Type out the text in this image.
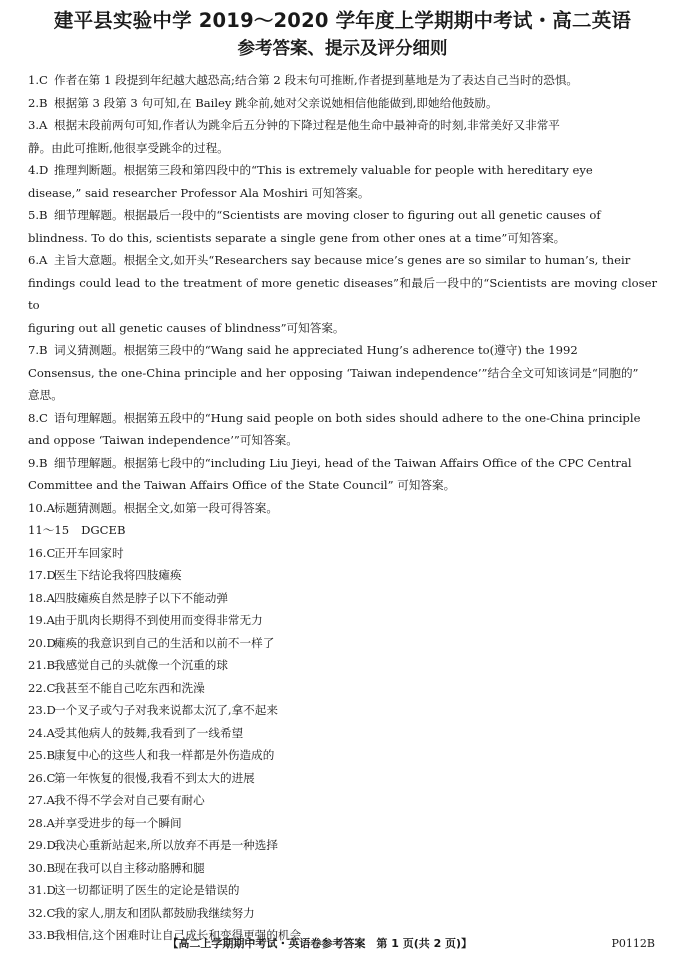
建平县实验中学 2019～2020 学年度上学期期中考试・高二英语
参考答案、提示及评分细则
1.C 作者在第 1 段提到年纪越大越恐高;结合第 2 段末句可推断,作者提到墓地是为了表达自己当时的恐惧。
2.B 根据第 3 段第 3 句可知,在 Bailey 跳伞前,她对父亲说她相信他能做到,即她给他鼓励。
3.A 根据末段前两句可知,作者认为跳伞后五分钟的下降过程是他生命中最神奇的时刻,非常美好又非常平
静。由此可推断,他很享受跳伞的过程。
4.D 推理判断题。根据第三段和第四段中的“This is extremely valuable for people with hereditary eye
disease,” said researcher Professor Ala Moshiri 可知答案。
5.B 细节理解题。根据最后一段中的“Scientists are moving closer to figuring out all genetic causes of
blindness. To do this, scientists separate a single gene from other ones at a time”可知答案。
6.A 主旨大意题。根据全文,如开头“Researchers say because mice’s genes are so similar to human’s, their
findings could lead to the treatment of more genetic diseases”和最后一段中的“Scientists are moving closer to
figuring out all genetic causes of blindness”可知答案。
7.B 词义猜测题。根据第三段中的“Wang said he appreciated Hung’s adherence to(遵守) the 1992
Consensus, the one-China principle and her opposing ‘Taiwan independence’”结合全文可知该词是“同胞的”
意思。
8.C 语句理解题。根据第五段中的“Hung said people on both sides should adhere to the one-China principle
and oppose ‘Taiwan independence’”可知答案。
9.B 细节理解题。根据第七段中的“including Liu Jieyi, head of the Taiwan Affairs Office of the CPC Central
Committee and the Taiwan Affairs Office of the State Council” 可知答案。
10.A 标题猜测题。根据全文,如第一段可得答案。
11～15 DGCEB
16.C
正开车回家时
17.D
医生下结论我将四肢瘫痪
18.A 四肢瘫痪自然是脖子以下不能动弹
19.A 由于肌肉长期得不到使用而变得非常无力
20.D
瘫痪的我意识到自己的生活和以前不一样了
21.B 我感觉自己的头就像一个沉重的球
22.C
我甚至不能自己吃东西和洗澡
23.D
一个叉子或勺子对我来说都太沉了,拿不起来
24.A 受其他病人的鼓舞,我看到了一线希望
25.B 康复中心的这些人和我一样都是外伤造成的
26.C
第一年恢复的很慢,我看不到太大的进展
27.A 我不得不学会对自己要有耐心
28.A 并享受进步的每一个瞬间
29.D
我决心重新站起来,所以放弃不再是一种选择
30.B 现在我可以自主移动胳膊和腿
31.D
这一切都证明了医生的定论是错误的
32.C
我的家人,朋友和团队都鼓励我继续努力
33.B 我相信,这个困难时让自己成长和变得更强的机会
【高二上学期期中考试・英语卷参考答案　第 1 页(共 2 页)】	P0112B
